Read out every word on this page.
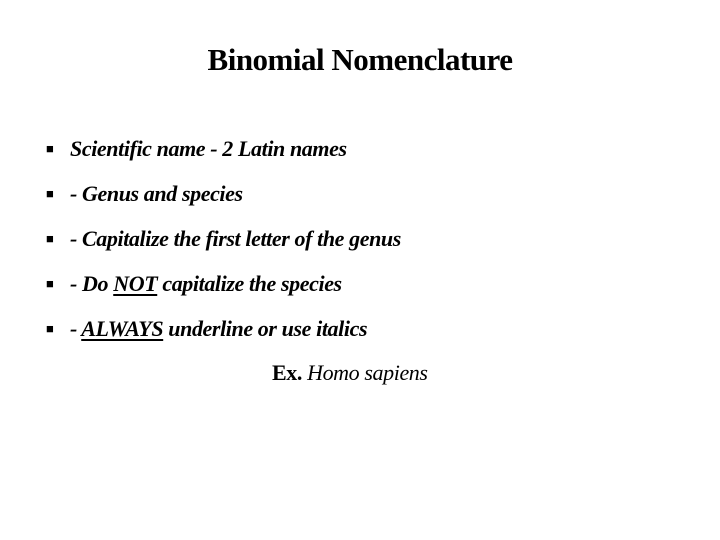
Binomial Nomenclature
■ Scientific name - 2 Latin names
■ - Genus and species
■ - Capitalize the first letter of the genus
■ - Do NOT capitalize the species
■ - ALWAYS underline or use italics
Ex. Homo sapiens
